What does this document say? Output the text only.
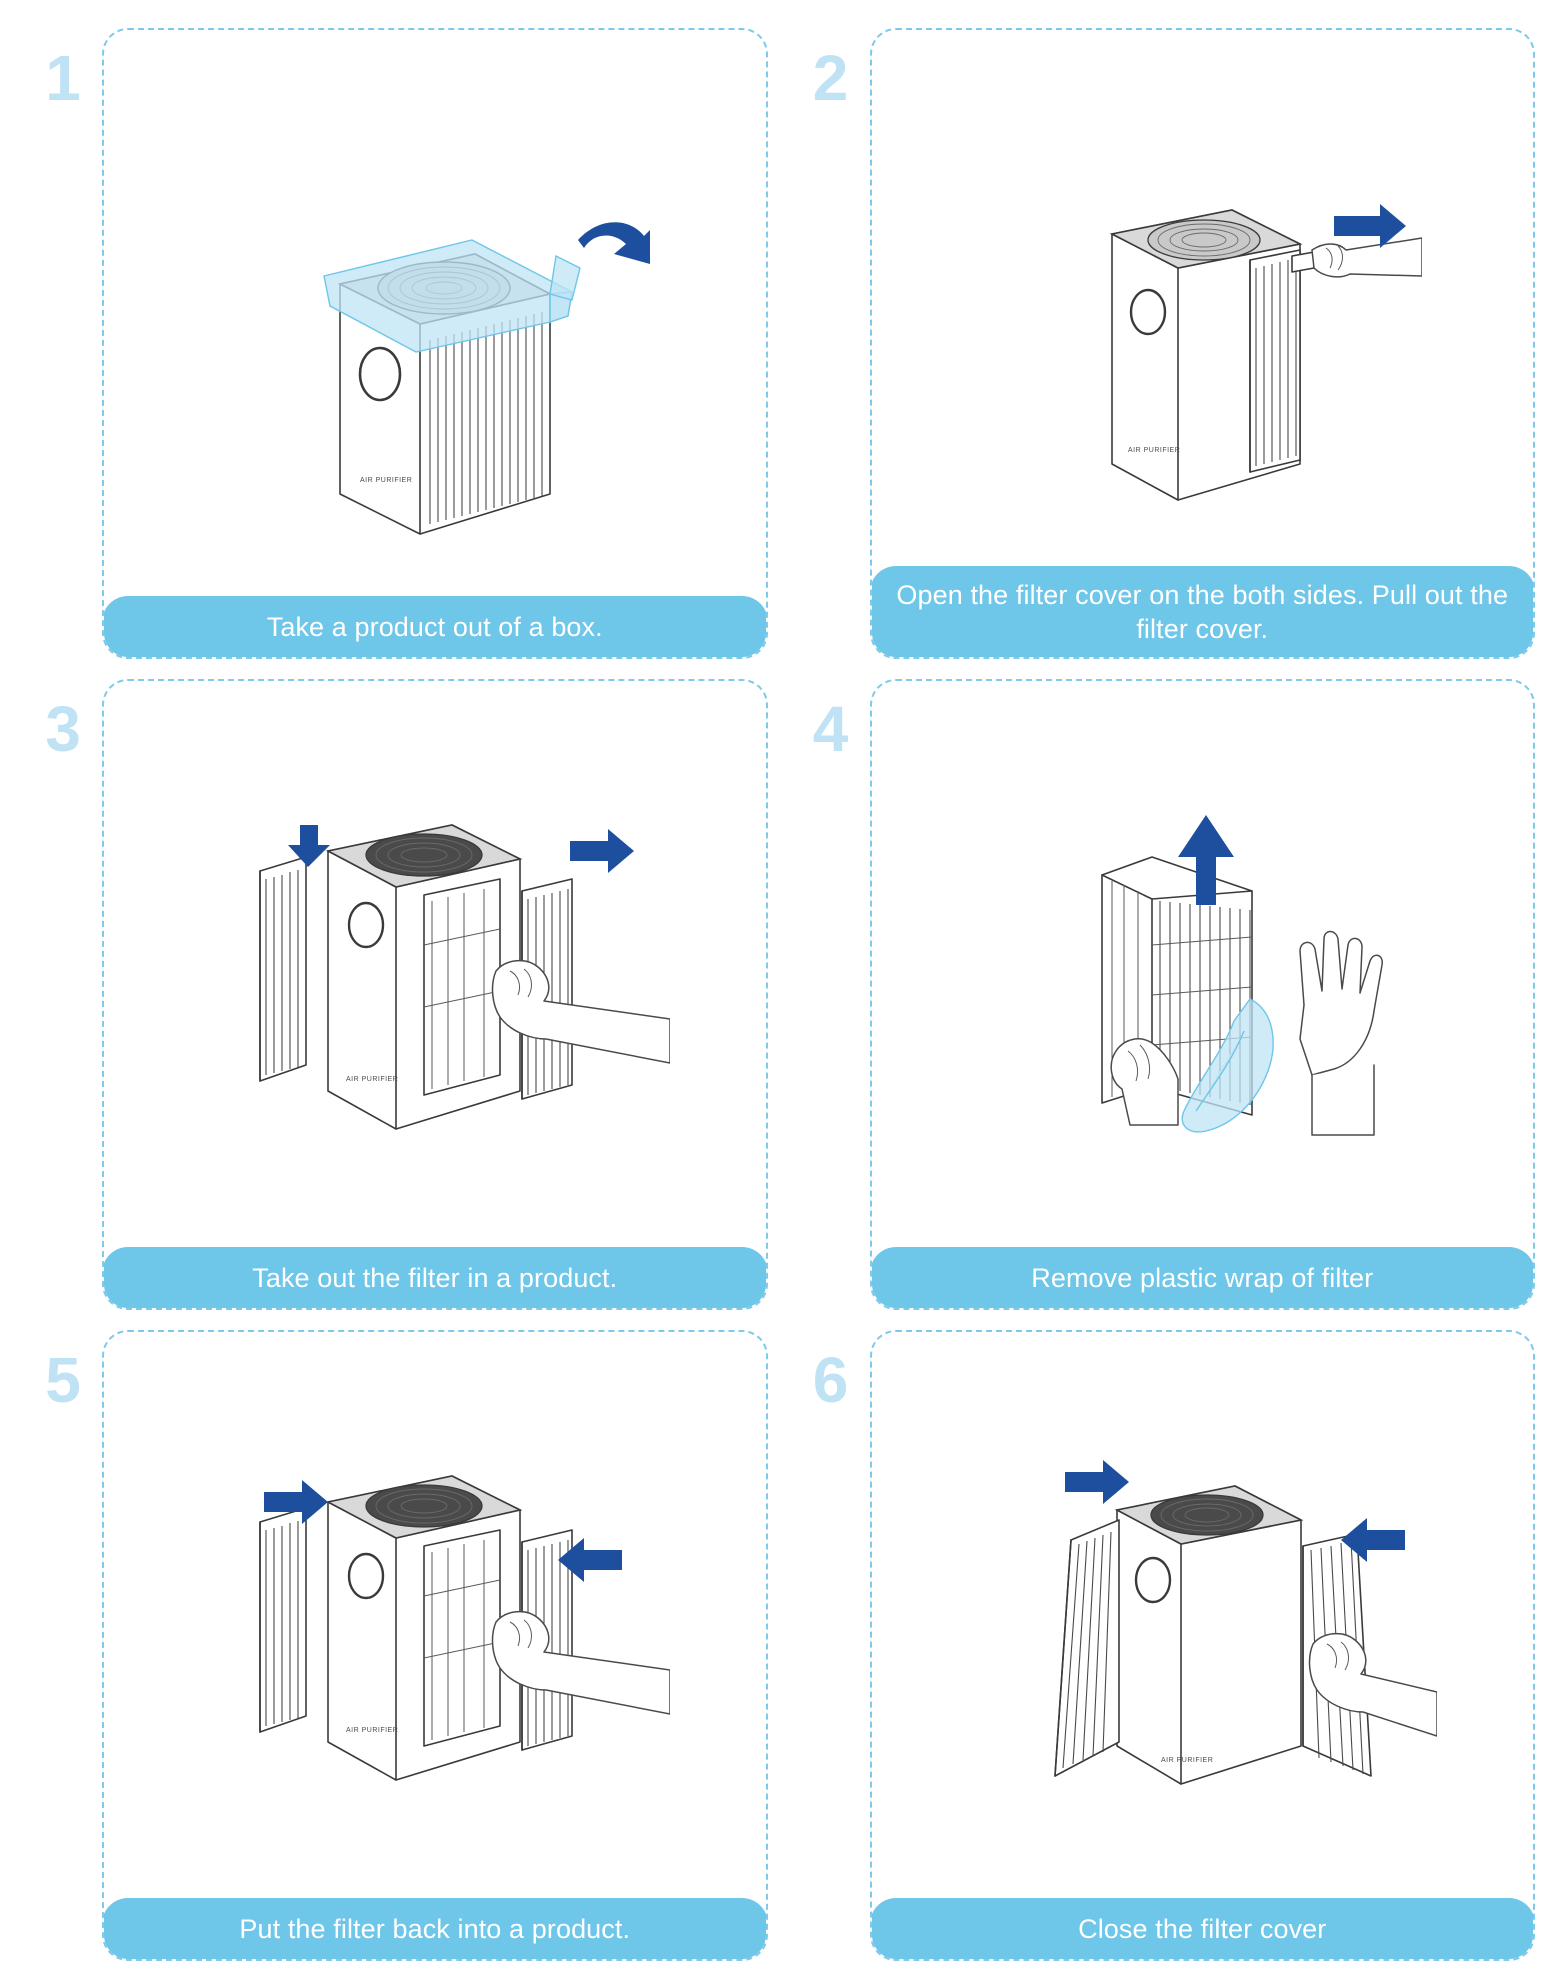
1
AIR PURIFIER
Take a product out of a box.
2
AIR PURIFIER
Open the filter cover on the both sides. Pull out the filter cover.
3
AIR PURIFIER
Take out the filter in a product.
4
Remove plastic wrap of filter
5
AIR PURIFIER
Put the filter back into a product.
6
AIR PURIFIER
Close the filter cover
